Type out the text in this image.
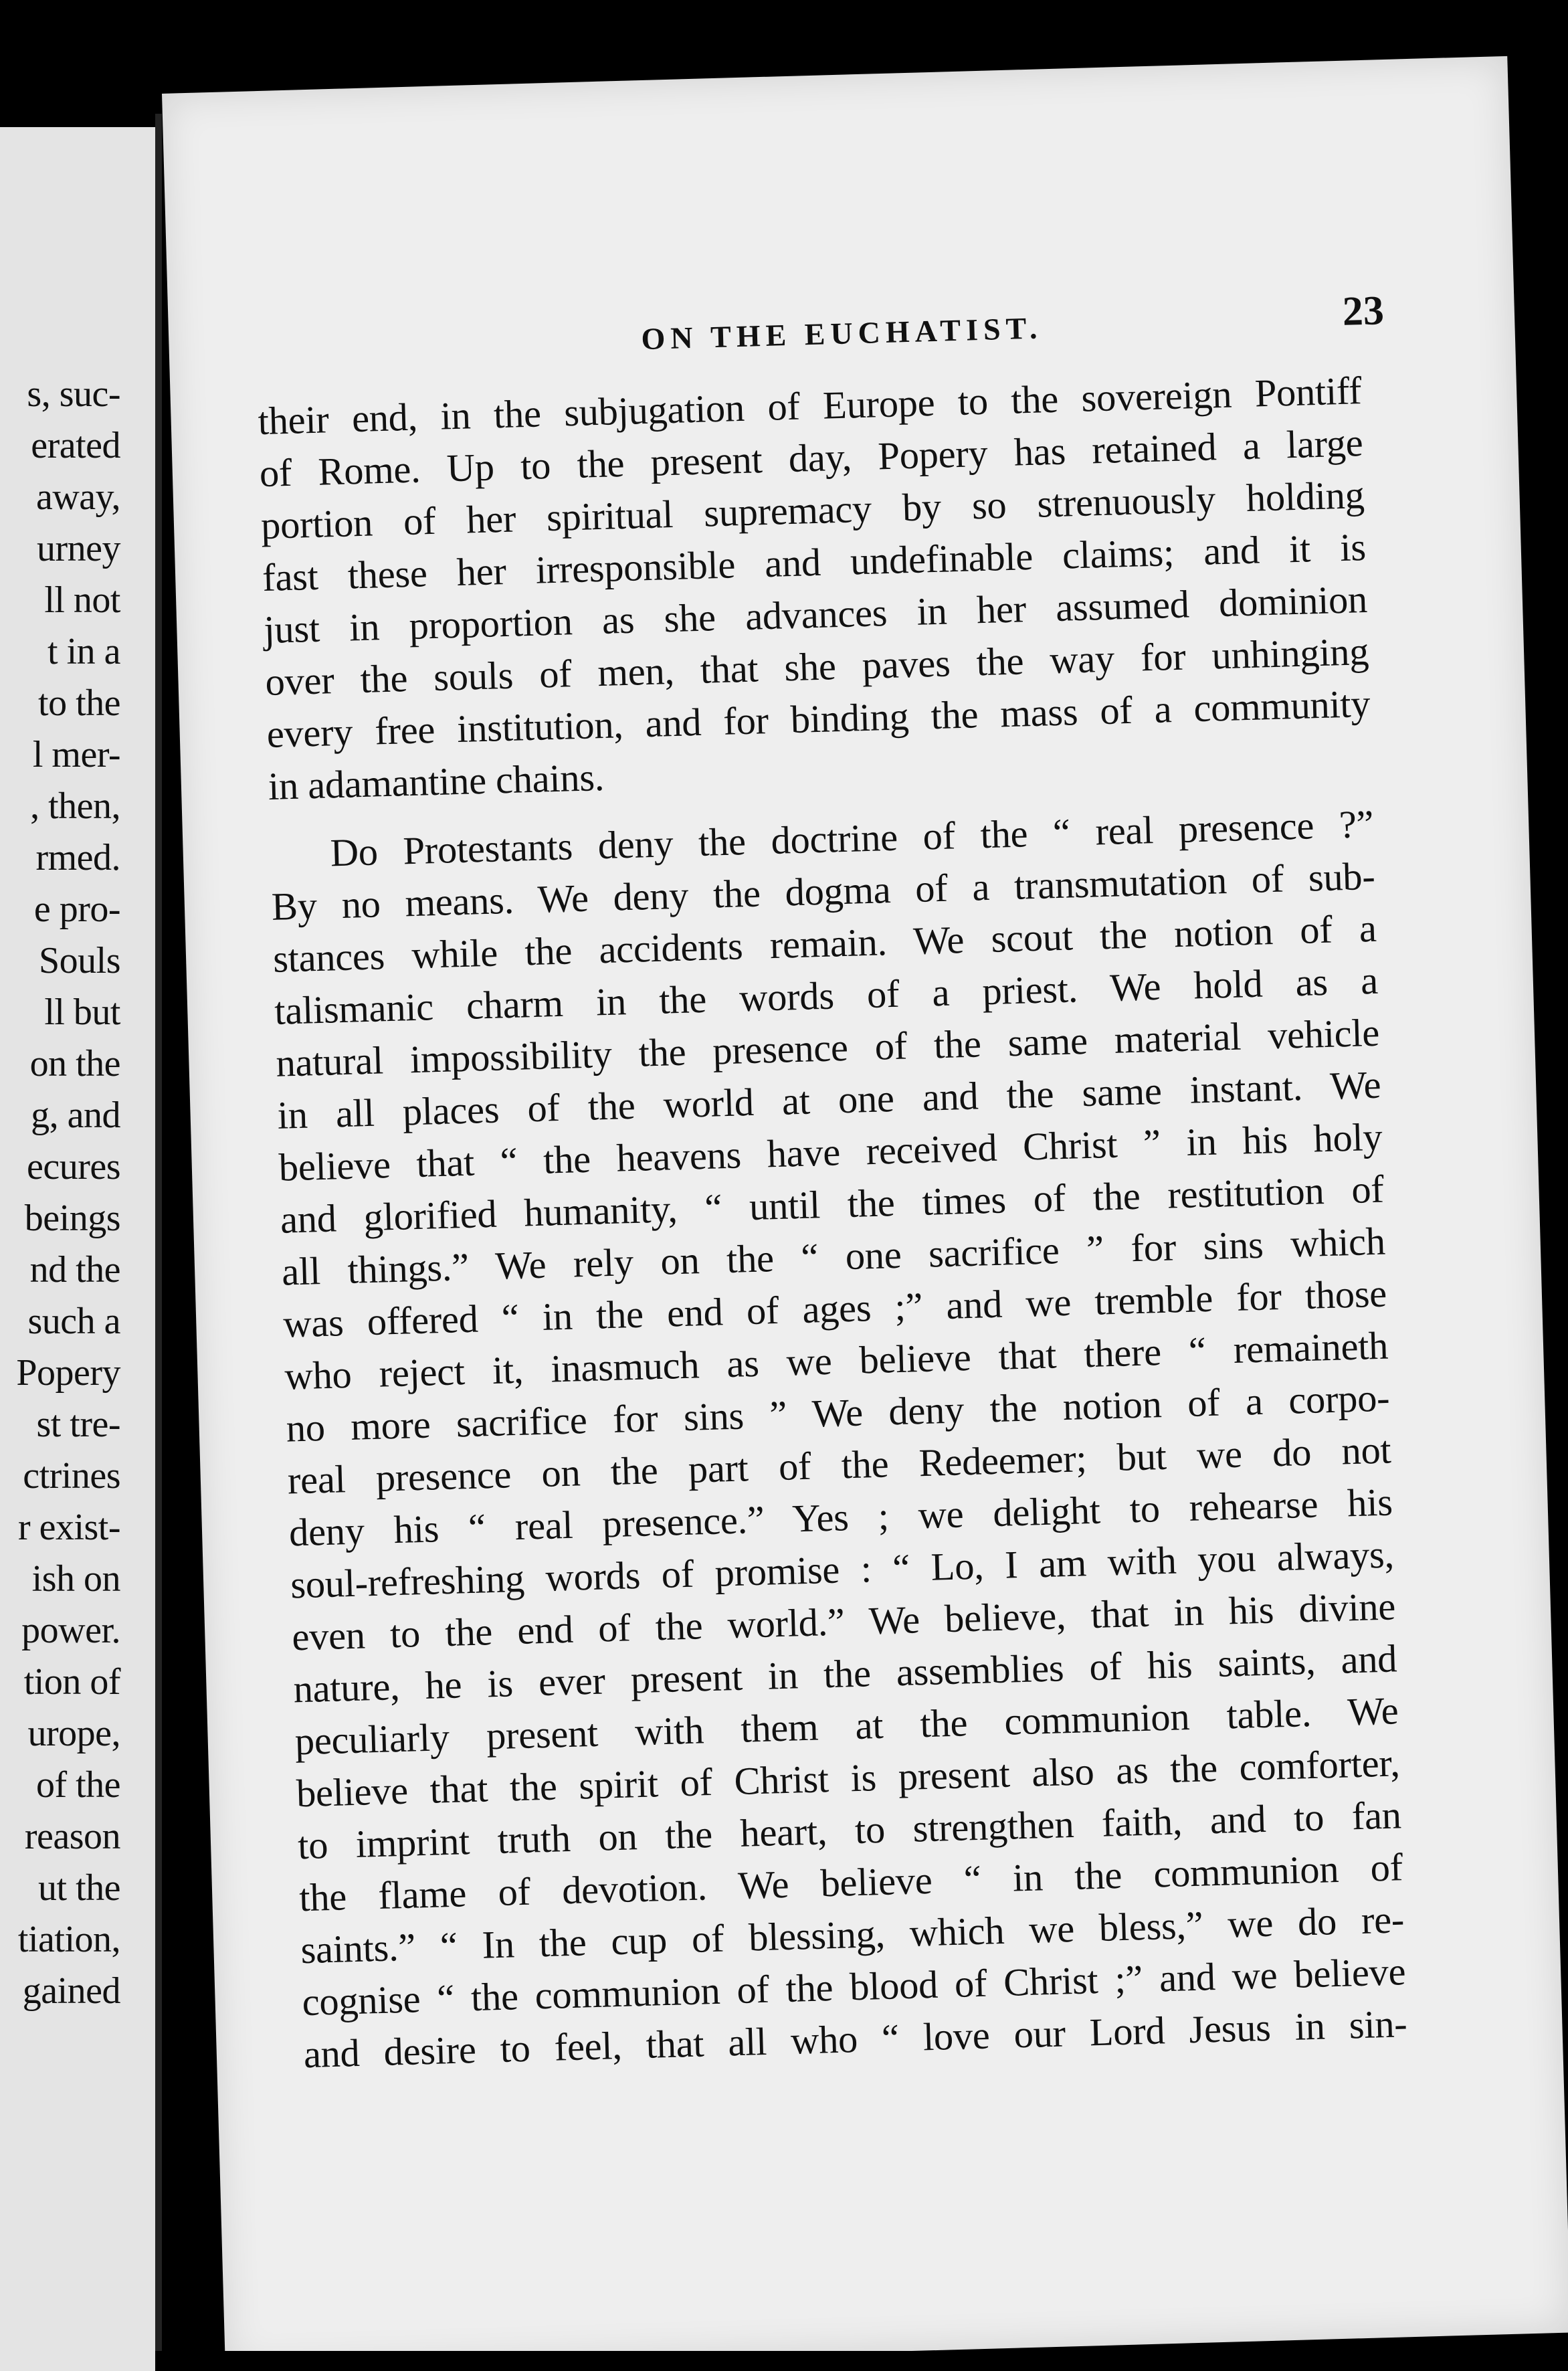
s, suc-
erated
away,
urney
ll not
t in a
to the
l mer-
, then,
rmed.
e pro-
Souls
ll but
on the
g, and
ecures
beings
nd the
such a
Popery
st tre-
ctrines
r exist-
ish on
power.
tion of
urope,
of the
reason
ut the
tiation,
gained
ON THE EUCHATIST.	23
their end, in the subjugation of Europe to the sovereign Pontiff
of Rome. Up to the present day, Popery has retained a large
portion of her spiritual supremacy by so strenuously holding
fast these her irresponsible and undefinable claims; and it is
just in proportion as she advances in her assumed dominion
over the souls of men, that she paves the way for unhinging
every free institution, and for binding the mass of a community
in adamantine chains.
Do Protestants deny the doctrine of the “ real presence ?”
By no means. We deny the dogma of a transmutation of sub-
stances while the accidents remain. We scout the notion of a
talismanic charm in the words of a priest. We hold as a
natural impossibility the presence of the same material vehicle
in all places of the world at one and the same instant. We
believe that “ the heavens have received Christ ” in his holy
and glorified humanity, “ until the times of the restitution of
all things.” We rely on the “ one sacrifice ” for sins which
was offered “ in the end of ages ;” and we tremble for those
who reject it, inasmuch as we believe that there “ remaineth
no more sacrifice for sins ” We deny the notion of a corpo-
real presence on the part of the Redeemer; but we do not
deny his “ real presence.” Yes ; we delight to rehearse his
soul-refreshing words of promise : “ Lo, I am with you always,
even to the end of the world.” We believe, that in his divine
nature, he is ever present in the assemblies of his saints, and
peculiarly present with them at the communion table. We
believe that the spirit of Christ is present also as the comforter,
to imprint truth on the heart, to strengthen faith, and to fan
the flame of devotion. We believe “ in the communion of
saints.” “ In the cup of blessing, which we bless,” we do re-
cognise “ the communion of the blood of Christ ;” and we believe
and desire to feel, that all who “ love our Lord Jesus in sin-
